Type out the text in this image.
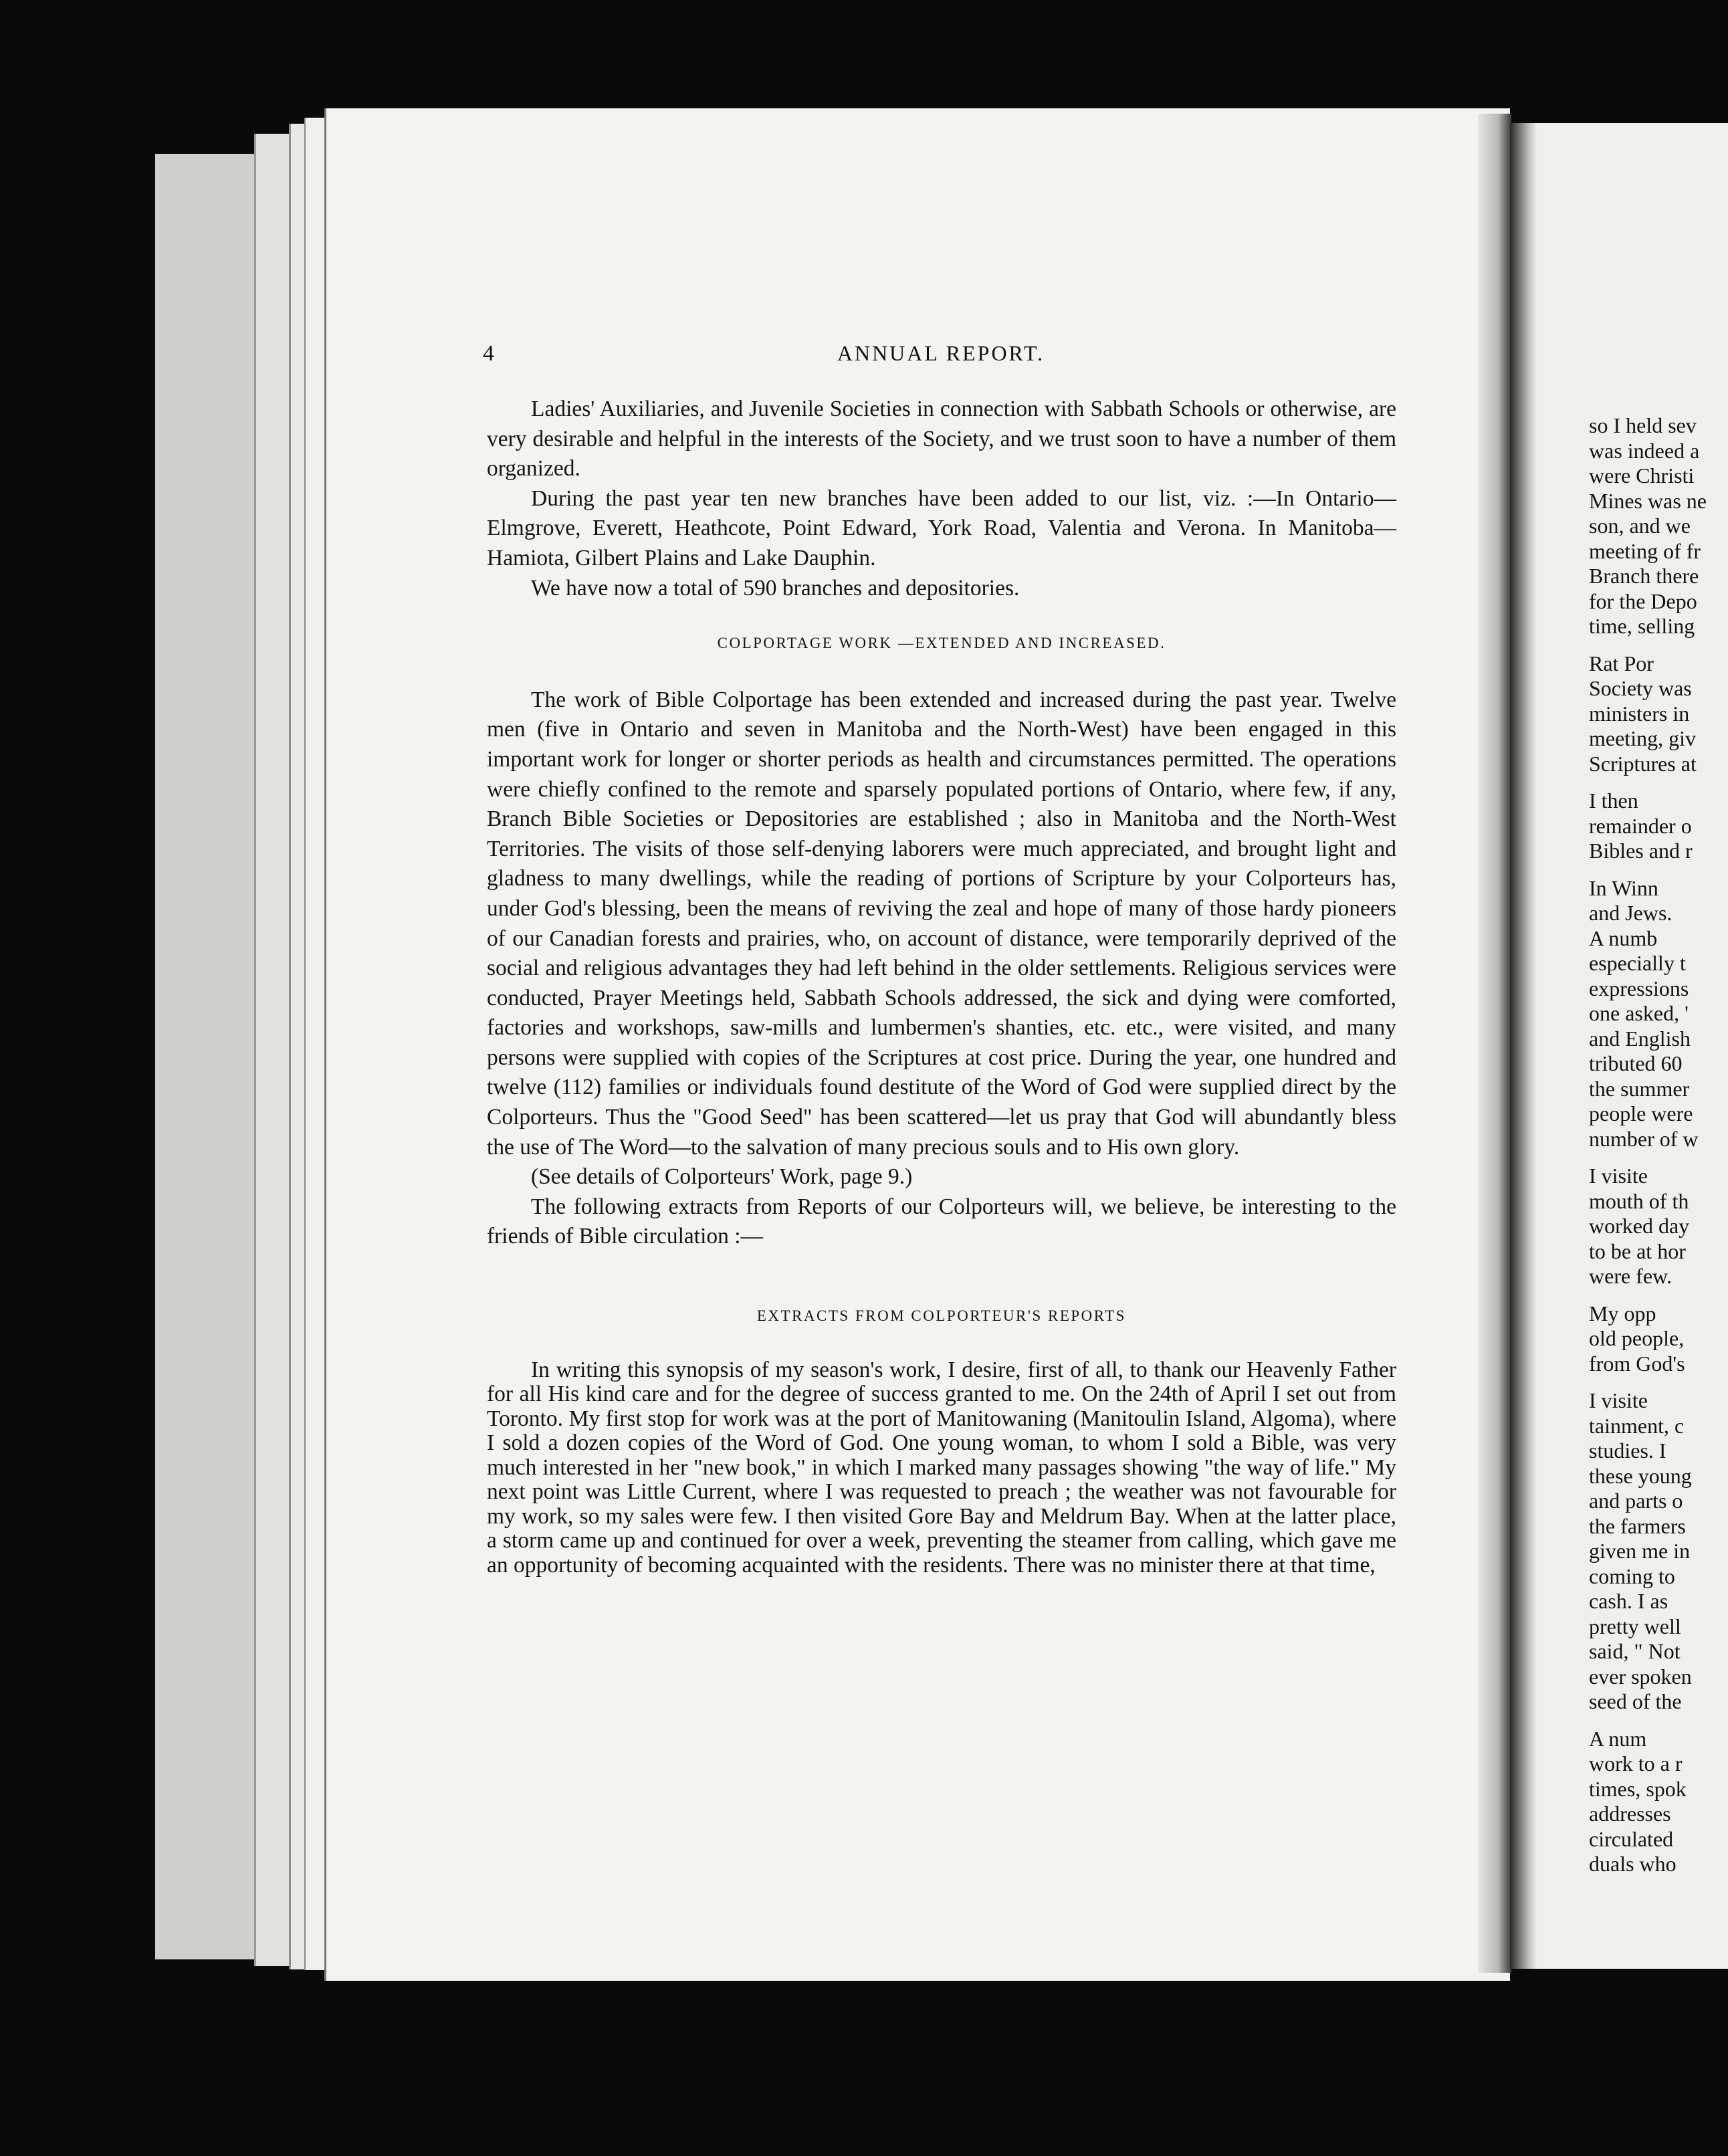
4	ANNUAL REPORT.

Ladies' Auxiliaries, and Juvenile Societies in connection with Sabbath Schools or otherwise, are very desirable and helpful in the interests of the Society, and we trust soon to have a number of them organized.

During the past year ten new branches have been added to our list, viz. :—In Ontario—Elmgrove, Everett, Heathcote, Point Edward, York Road, Valentia and Verona. In Manitoba—Hamiota, Gilbert Plains and Lake Dauphin.

We have now a total of 590 branches and depositories.

COLPORTAGE WORK —EXTENDED AND INCREASED.

The work of Bible Colportage has been extended and increased during the past year. Twelve men (five in Ontario and seven in Manitoba and the North-West) have been engaged in this important work for longer or shorter periods as health and circumstances permitted. The operations were chiefly confined to the remote and sparsely populated portions of Ontario, where few, if any, Branch Bible Societies or Depositories are established ; also in Manitoba and the North-West Territories. The visits of those self-denying laborers were much appreciated, and brought light and gladness to many dwellings, while the reading of portions of Scripture by your Colporteurs has, under God's blessing, been the means of reviving the zeal and hope of many of those hardy pioneers of our Canadian forests and prairies, who, on account of distance, were temporarily deprived of the social and religious advantages they had left behind in the older settlements. Religious services were conducted, Prayer Meetings held, Sabbath Schools addressed, the sick and dying were comforted, factories and workshops, saw-mills and lumbermen's shanties, etc. etc., were visited, and many persons were supplied with copies of the Scriptures at cost price. During the year, one hundred and twelve (112) families or individuals found destitute of the Word of God were supplied direct by the Colporteurs. Thus the "Good Seed" has been scattered—let us pray that God will abundantly bless the use of The Word—to the salvation of many precious souls and to His own glory.

(See details of Colporteurs' Work, page 9.)

The following extracts from Reports of our Colporteurs will, we believe, be interesting to the friends of Bible circulation :—

EXTRACTS FROM COLPORTEUR'S REPORTS

In writing this synopsis of my season's work, I desire, first of all, to thank our Heavenly Father for all His kind care and for the degree of success granted to me. On the 24th of April I set out from Toronto. My first stop for work was at the port of Manitowaning (Manitoulin Island, Algoma), where I sold a dozen copies of the Word of God. One young woman, to whom I sold a Bible, was very much interested in her "new book," in which I marked many passages showing "the way of life." My next point was Little Current, where I was requested to preach ; the weather was not favourable for my work, so my sales were few. I then visited Gore Bay and Meldrum Bay. When at the latter place, a storm came up and continued for over a week, preventing the steamer from calling, which gave me an opportunity of becoming acquainted with the residents. There was no minister there at that time,

so I held sev
was indeed a
were Christi
Mines was ne
son, and we
meeting of fr
Branch there
for the Depo
time, selling
Rat Por
Society was
ministers in
meeting, giv
Scriptures at
I then
remainder o
Bibles and r
In Winn
and Jews.
A numb
especially t
expressions
one asked, '
and English
tributed 60
the summer
people were
number of w
I visite
mouth of th
worked day
to be at hor
were few.
My opp
old people,
from God's
I visite
tainment, c
studies. I
these young
and parts o
the farmers
given me in
coming to
cash. I as
pretty well
said, " Not
ever spoken
seed of the
A num
work to a r
times, spok
addresses
circulated
duals who
